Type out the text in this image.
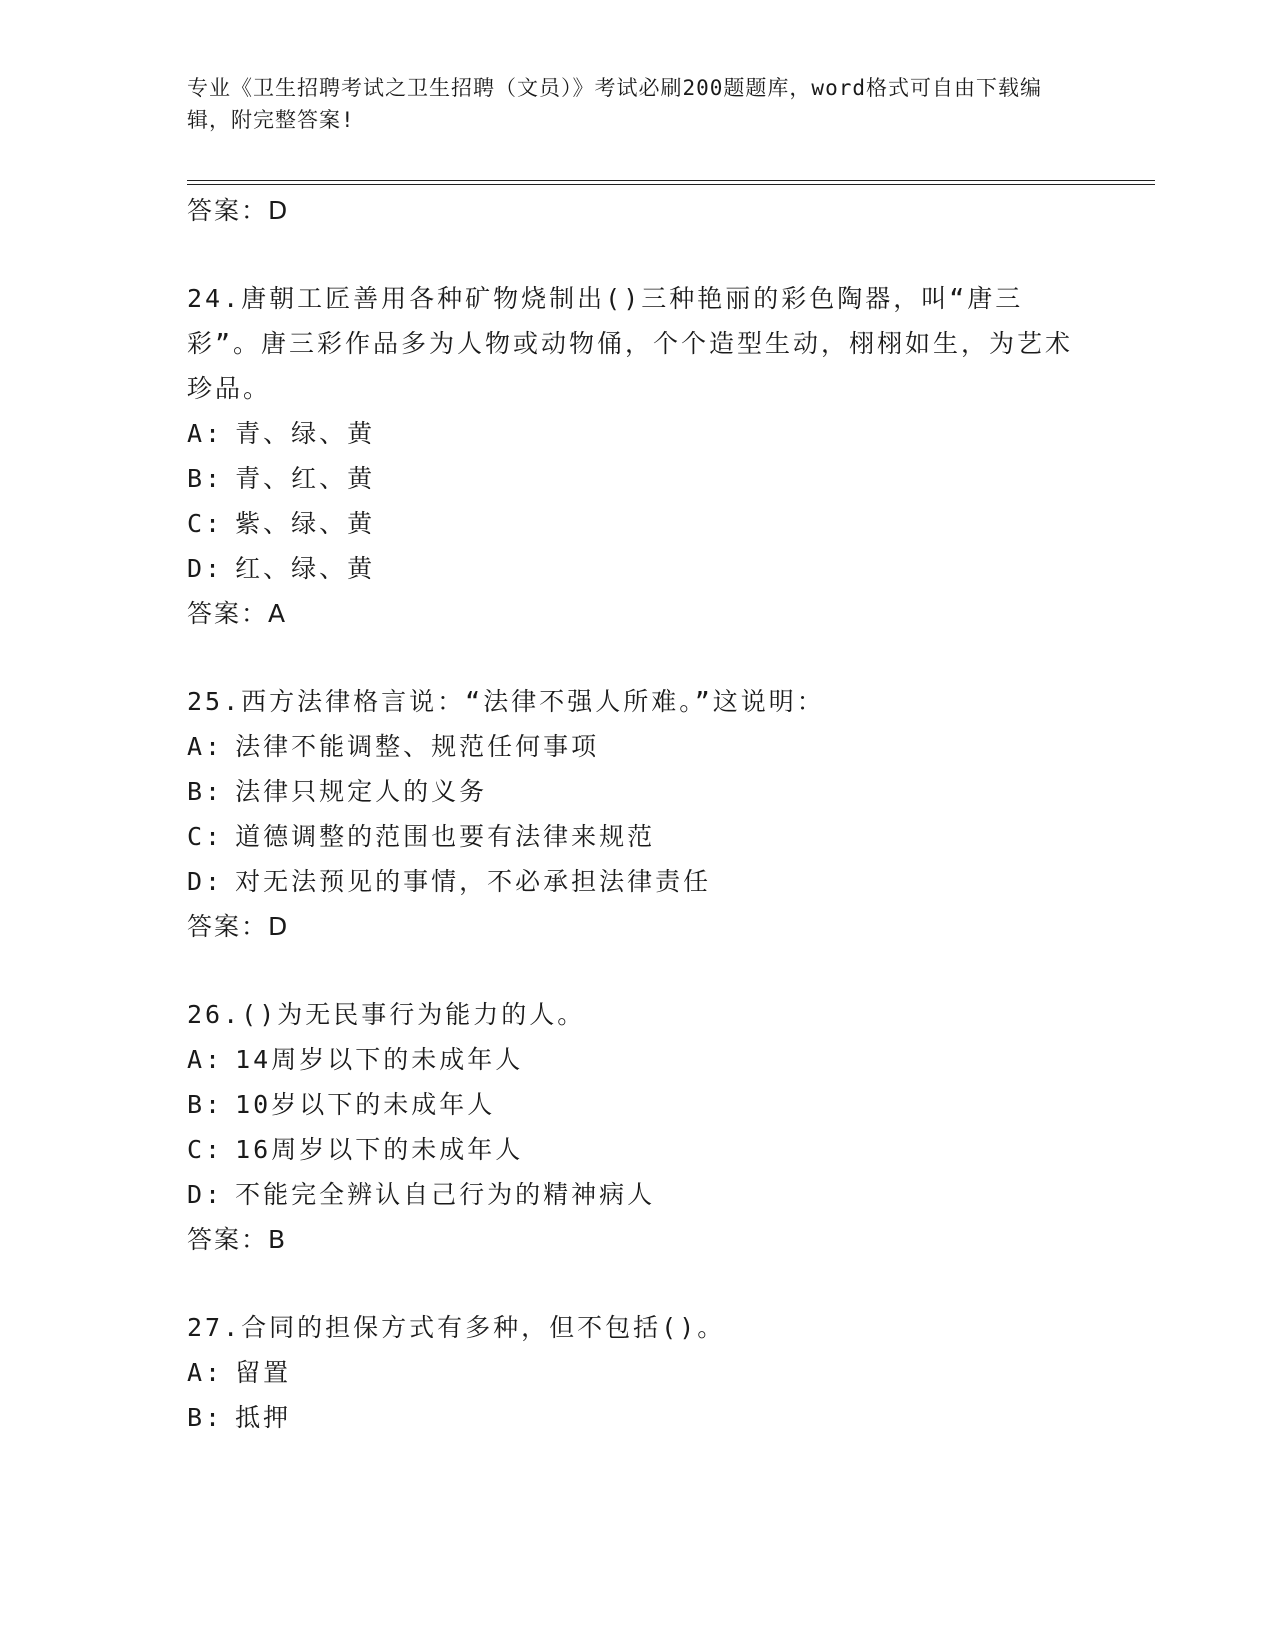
专业《卫生招聘考试之卫生招聘（文员）》考试必刷200题题库，word格式可自由下载编辑，附完整答案!

答案：D

24.唐朝工匠善用各种矿物烧制出()三种艳丽的彩色陶器，叫“唐三彩”。唐三彩作品多为人物或动物俑，个个造型生动，栩栩如生，为艺术珍品。

A: 青、绿、黄

B: 青、红、黄

C: 紫、绿、黄

D: 红、绿、黄

答案：A

25.西方法律格言说：“法律不强人所难。”这说明：

A: 法律不能调整、规范任何事项

B: 法律只规定人的义务

C: 道德调整的范围也要有法律来规范

D: 对无法预见的事情，不必承担法律责任

答案：D

26.()为无民事行为能力的人。

A: 14周岁以下的未成年人

B: 10岁以下的未成年人

C: 16周岁以下的未成年人

D: 不能完全辨认自己行为的精神病人

答案：B

27.合同的担保方式有多种，但不包括()。

A: 留置

B: 抵押
